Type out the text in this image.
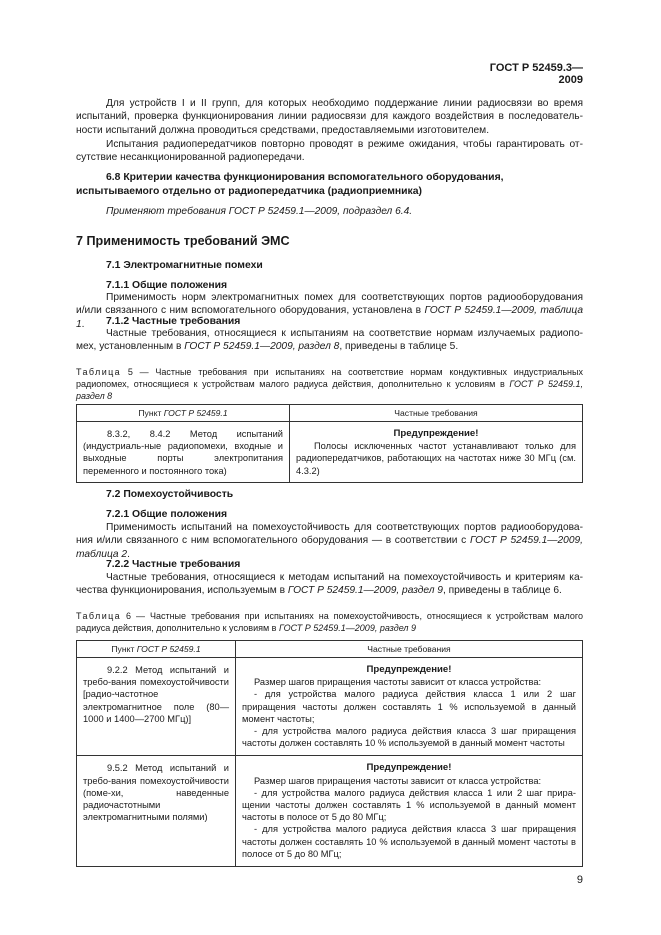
ГОСТ Р 52459.3—2009
Для устройств I и II групп, для которых необходимо поддержание линии радиосвязи во время
испытаний, проверка функционирования линии радиосвязи для каждого воздействия в последователь-
ности испытаний должна проводиться средствами, предоставляемыми изготовителем.
Испытания радиопередатчиков повторно проводят в режиме ожидания, чтобы гарантировать от-
сутствие несанкционированной радиопередачи.
6.8 Критерии качества функционирования вспомогательного оборудования,
испытываемого отдельно от радиопередатчика (радиоприемника)
Применяют требования ГОСТ Р 52459.1—2009, подраздел 6.4.
7 Применимость требований ЭМС
7.1 Электромагнитные помехи
7.1.1 Общие положения
Применимость норм электромагнитных помех для соответствующих портов радиооборудования
и/или связанного с ним вспомогательного оборудования, установлена в ГОСТ Р 52459.1—2009, таблица 1.	7.1.2 Частные требования
Частные требования, относящиеся к испытаниям на соответствие нормам излучаемых радиопо-
мех, установленным в ГОСТ Р 52459.1—2009, раздел 8, приведены в таблице 5.
Таблица 5 — Частные требования при испытаниях на соответствие нормам кондуктивных индустриальных
радиопомех, относящиеся к устройствам малого радиуса действия, дополнительно к условиям в ГОСТ Р 52459.1,
раздел 8
Пункт ГОСТ Р 52459.1	Частные требования
8.3.2, 8.4.2 Метод испытаний (индустриаль-ные радиопомехи, входные и выходные порты электропитания переменного и постоянного тока)	Предупреждение!
Полосы исключенных частот устанавливают только для радиопередатчиков, работающих на частотах ниже 30 МГц (см. 4.3.2)
7.2 Помехоустойчивость
7.2.1 Общие положения
Применимость испытаний на помехоустойчивость для соответствующих портов радиооборудова-
ния и/или связанного с ним вспомогательного оборудования — в соответствии с ГОСТ Р 52459.1—2009,
таблица 2.
7.2.2 Частные требования
Частные требования, относящиеся к методам испытаний на помехоустойчивость и критериям ка-
чества функционирования, используемым в ГОСТ Р 52459.1—2009, раздел 9, приведены в таблице 6.
Таблица 6 — Частные требования при испытаниях на помехоустойчивость, относящиеся к устройствам малого
радиуса действия, дополнительно к условиям в ГОСТ Р 52459.1—2009, раздел 9
Пункт ГОСТ Р 52459.1	Частные требования
9.2.2 Метод испытаний и требо-вания помехоустойчивости [радио-частотное электромагнитное поле (80—1000 и 1400—2700 МГц)]	Предупреждение!
Размер шагов приращения частоты зависит от класса устройства:
- для устройства малого радиуса действия класса 1 или 2 шаг приращения частоты должен составлять 1 % используемой в данный момент частоты;
- для устройства малого радиуса действия класса 3 шаг приращения частоты должен составлять 10 % используемой в данный момент частоты

9.5.2 Метод испытаний и требо-вания помехоустойчивости (поме-хи, наведенные радиочастотными электромагнитными полями)	Предупреждение!
Размер шагов приращения частоты зависит от класса устройства:
- для устройства малого радиуса действия класса 1 или 2 шаг прира-щении частоты должен составлять 1 % используемой в данный момент частоты в полосе от 5 до 80 МГц;
- для устройства малого радиуса действия класса 3 шаг приращения частоты должен составлять 10 % используемой в данный момент частоты в полосе от 5 до 80 МГц;
9
